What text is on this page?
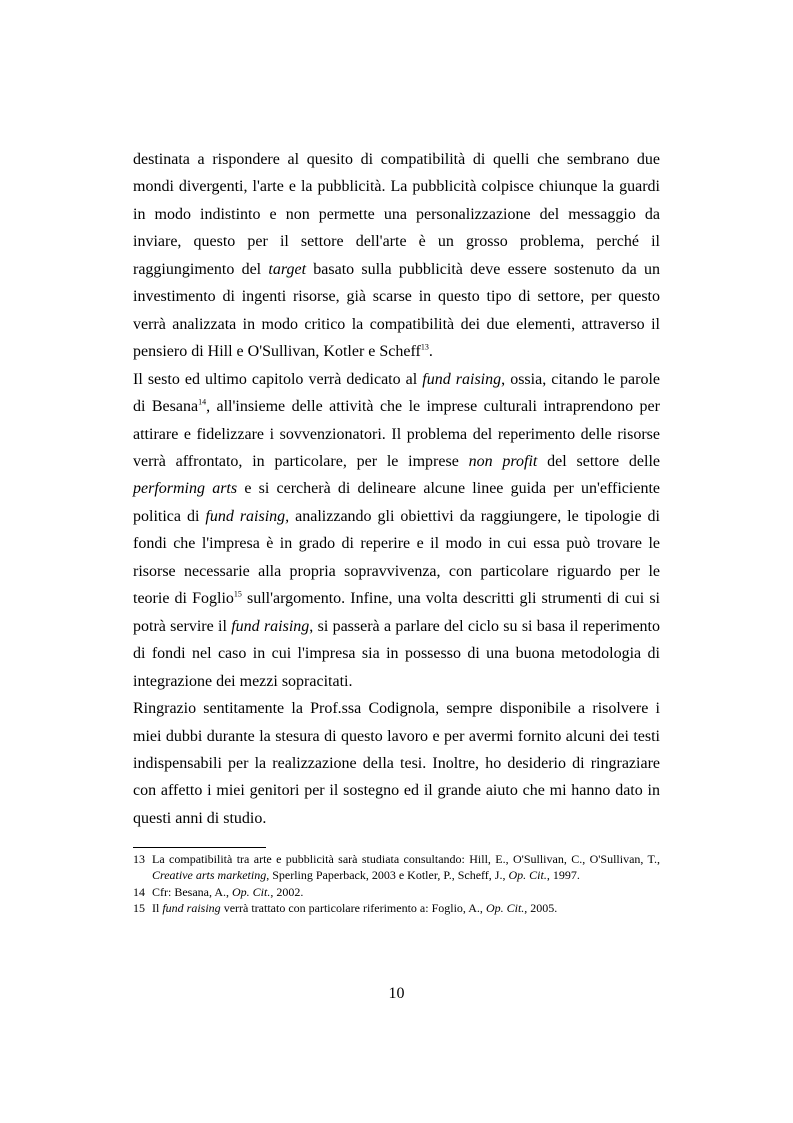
destinata a rispondere al quesito di compatibilità di quelli che sembrano due mondi divergenti, l'arte e la pubblicità. La pubblicità colpisce chiunque la guardi in modo indistinto e non permette una personalizzazione del messaggio da inviare, questo per il settore dell'arte è un grosso problema, perché il raggiungimento del target basato sulla pubblicità deve essere sostenuto da un investimento di ingenti risorse, già scarse in questo tipo di settore, per questo verrà analizzata in modo critico la compatibilità dei due elementi, attraverso il pensiero di Hill e O'Sullivan, Kotler e Scheff$^{13}$.

Il sesto ed ultimo capitolo verrà dedicato al fund raising, ossia, citando le parole di Besana$^{14}$, all'insieme delle attività che le imprese culturali intraprendono per attirare e fidelizzare i sovvenzionatori. Il problema del reperimento delle risorse verrà affrontato, in particolare, per le imprese non profit del settore delle performing arts e si cercherà di delineare alcune linee guida per un'efficiente politica di fund raising, analizzando gli obiettivi da raggiungere, le tipologie di fondi che l'impresa è in grado di reperire e il modo in cui essa può trovare le risorse necessarie alla propria sopravvivenza, con particolare riguardo per le teorie di Foglio$^{15}$ sull'argomento. Infine, una volta descritti gli strumenti di cui si potrà servire il fund raising, si passerà a parlare del ciclo su si basa il reperimento di fondi nel caso in cui l'impresa sia in possesso di una buona metodologia di integrazione dei mezzi sopracitati.

Ringrazio sentitamente la Prof.ssa Codignola, sempre disponibile a risolvere i miei dubbi durante la stesura di questo lavoro e per avermi fornito alcuni dei testi indispensabili per la realizzazione della tesi. Inoltre, ho desiderio di ringraziare con affetto i miei genitori per il sostegno ed il grande aiuto che mi hanno dato in questi anni di studio.

13 La compatibilità tra arte e pubblicità sarà studiata consultando: Hill, E., O'Sullivan, C., O'Sullivan, T., Creative arts marketing, Sperling Paperback, 2003 e Kotler, P., Scheff, J., Op. Cit., 1997.
14 Cfr: Besana, A., Op. Cit., 2002.
15 Il fund raising verrà trattato con particolare riferimento a: Foglio, A., Op. Cit., 2005.
10
